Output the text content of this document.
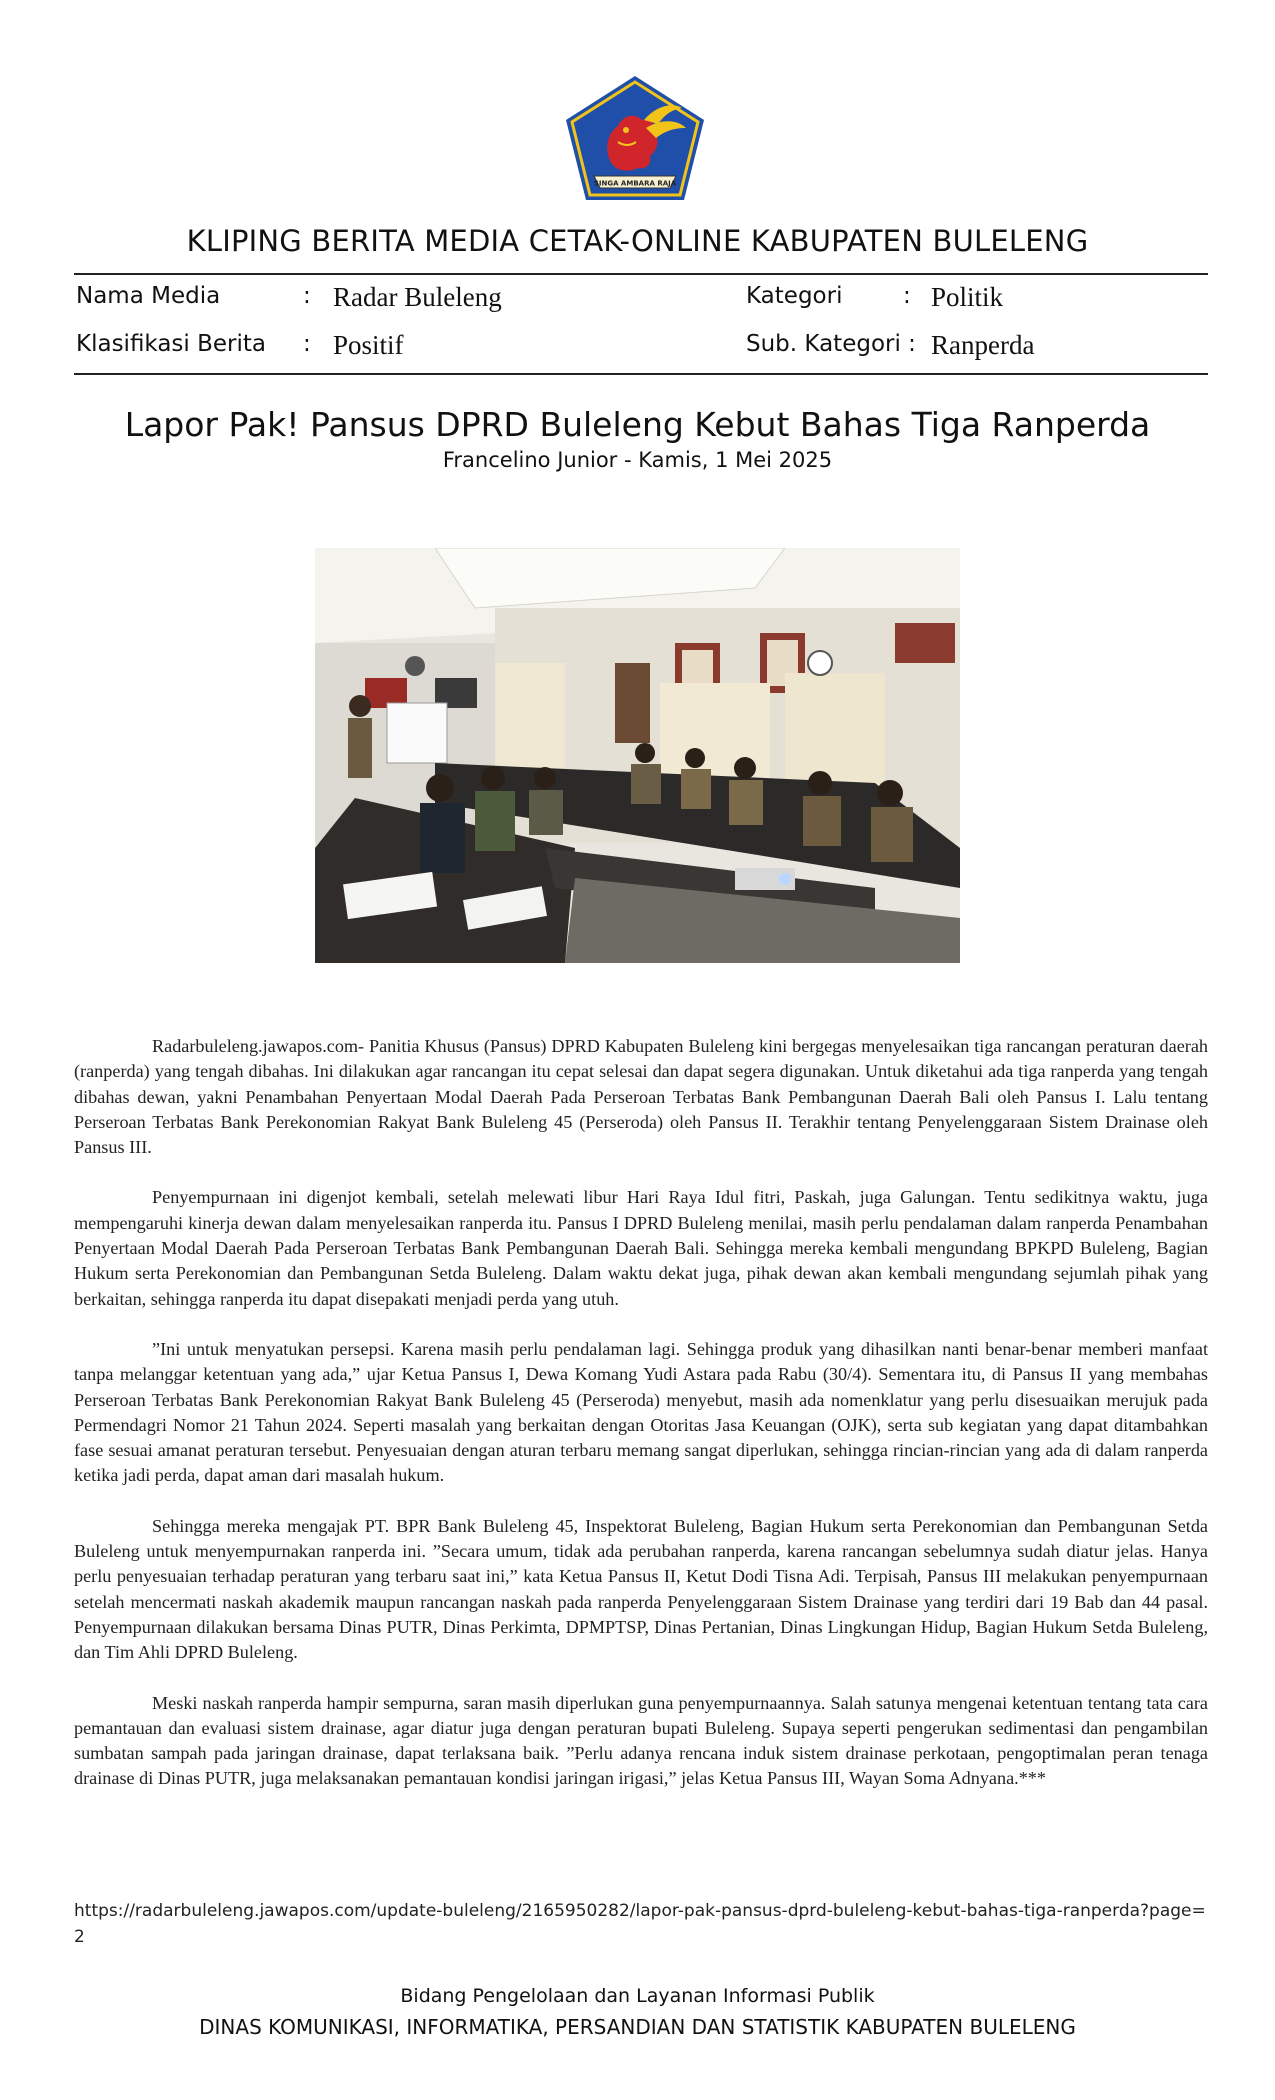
SINGA AMBARA RAJA
KLIPING BERITA MEDIA CETAK-ONLINE KABUPATEN BULELENG
Nama Media	: Radar Buleleng	Kategori	: Politik
Klasifikasi Berita : Positif	Sub. Kategori : Ranperda
Lapor Pak! Pansus DPRD Buleleng Kebut Bahas Tiga Ranperda
Francelino Junior - Kamis, 1 Mei 2025

Radarbuleleng.jawapos.com- Panitia Khusus (Pansus) DPRD Kabupaten Buleleng kini bergegas menyelesaikan tiga rancangan peraturan daerah (ranperda) yang tengah dibahas. Ini dilakukan agar rancangan itu cepat selesai dan dapat segera digunakan. Untuk diketahui ada tiga ranperda yang tengah dibahas dewan, yakni Penambahan Penyertaan Modal Daerah Pada Perseroan Terbatas Bank Pembangunan Daerah Bali oleh Pansus I. Lalu tentang Perseroan Terbatas Bank Perekonomian Rakyat Bank Buleleng 45 (Perseroda) oleh Pansus II. Terakhir tentang Penyelenggaraan Sistem Drainase oleh Pansus III.

Penyempurnaan ini digenjot kembali, setelah melewati libur Hari Raya Idul fitri, Paskah, juga Galungan. Tentu sedikitnya waktu, juga mempengaruhi kinerja dewan dalam menyelesaikan ranperda itu. Pansus I DPRD Buleleng menilai, masih perlu pendalaman dalam ranperda Penambahan Penyertaan Modal Daerah Pada Perseroan Terbatas Bank Pembangunan Daerah Bali. Sehingga mereka kembali mengundang BPKPD Buleleng, Bagian Hukum serta Perekonomian dan Pembangunan Setda Buleleng. Dalam waktu dekat juga, pihak dewan akan kembali mengundang sejumlah pihak yang berkaitan, sehingga ranperda itu dapat disepakati menjadi perda yang utuh.

”Ini untuk menyatukan persepsi. Karena masih perlu pendalaman lagi. Sehingga produk yang dihasilkan nanti benar-benar memberi manfaat tanpa melanggar ketentuan yang ada,” ujar Ketua Pansus I, Dewa Komang Yudi Astara pada Rabu (30/4). Sementara itu, di Pansus II yang membahas Perseroan Terbatas Bank Perekonomian Rakyat Bank Buleleng 45 (Perseroda) menyebut, masih ada nomenklatur yang perlu disesuaikan merujuk pada Permendagri Nomor 21 Tahun 2024. Seperti masalah yang berkaitan dengan Otoritas Jasa Keuangan (OJK), serta sub kegiatan yang dapat ditambahkan fase sesuai amanat peraturan tersebut. Penyesuaian dengan aturan terbaru memang sangat diperlukan, sehingga rincian-rincian yang ada di dalam ranperda ketika jadi perda, dapat aman dari masalah hukum.

Sehingga mereka mengajak PT. BPR Bank Buleleng 45, Inspektorat Buleleng, Bagian Hukum serta Perekonomian dan Pembangunan Setda Buleleng untuk menyempurnakan ranperda ini. ”Secara umum, tidak ada perubahan ranperda, karena rancangan sebelumnya sudah diatur jelas. Hanya perlu penyesuaian terhadap peraturan yang terbaru saat ini,” kata Ketua Pansus II, Ketut Dodi Tisna Adi. Terpisah, Pansus III melakukan penyempurnaan setelah mencermati naskah akademik maupun rancangan naskah pada ranperda Penyelenggaraan Sistem Drainase yang terdiri dari 19 Bab dan 44 pasal. Penyempurnaan dilakukan bersama Dinas PUTR, Dinas Perkimta, DPMPTSP, Dinas Pertanian, Dinas Lingkungan Hidup, Bagian Hukum Setda Buleleng, dan Tim Ahli DPRD Buleleng.

Meski naskah ranperda hampir sempurna, saran masih diperlukan guna penyempurnaannya. Salah satunya mengenai ketentuan tentang tata cara pemantauan dan evaluasi sistem drainase, agar diatur juga dengan peraturan bupati Buleleng. Supaya seperti pengerukan sedimentasi dan pengambilan sumbatan sampah pada jaringan drainase, dapat terlaksana baik. ”Perlu adanya rencana induk sistem drainase perkotaan, pengoptimalan peran tenaga drainase di Dinas PUTR, juga melaksanakan pemantauan kondisi jaringan irigasi,” jelas Ketua Pansus III, Wayan Soma Adnyana.***

https://radarbuleleng.jawapos.com/update-buleleng/2165950282/lapor-pak-pansus-dprd-buleleng-kebut-bahas-tiga-ranperda?page=2
Bidang Pengelolaan dan Layanan Informasi Publik
DINAS KOMUNIKASI, INFORMATIKA, PERSANDIAN DAN STATISTIK KABUPATEN BULELENG
